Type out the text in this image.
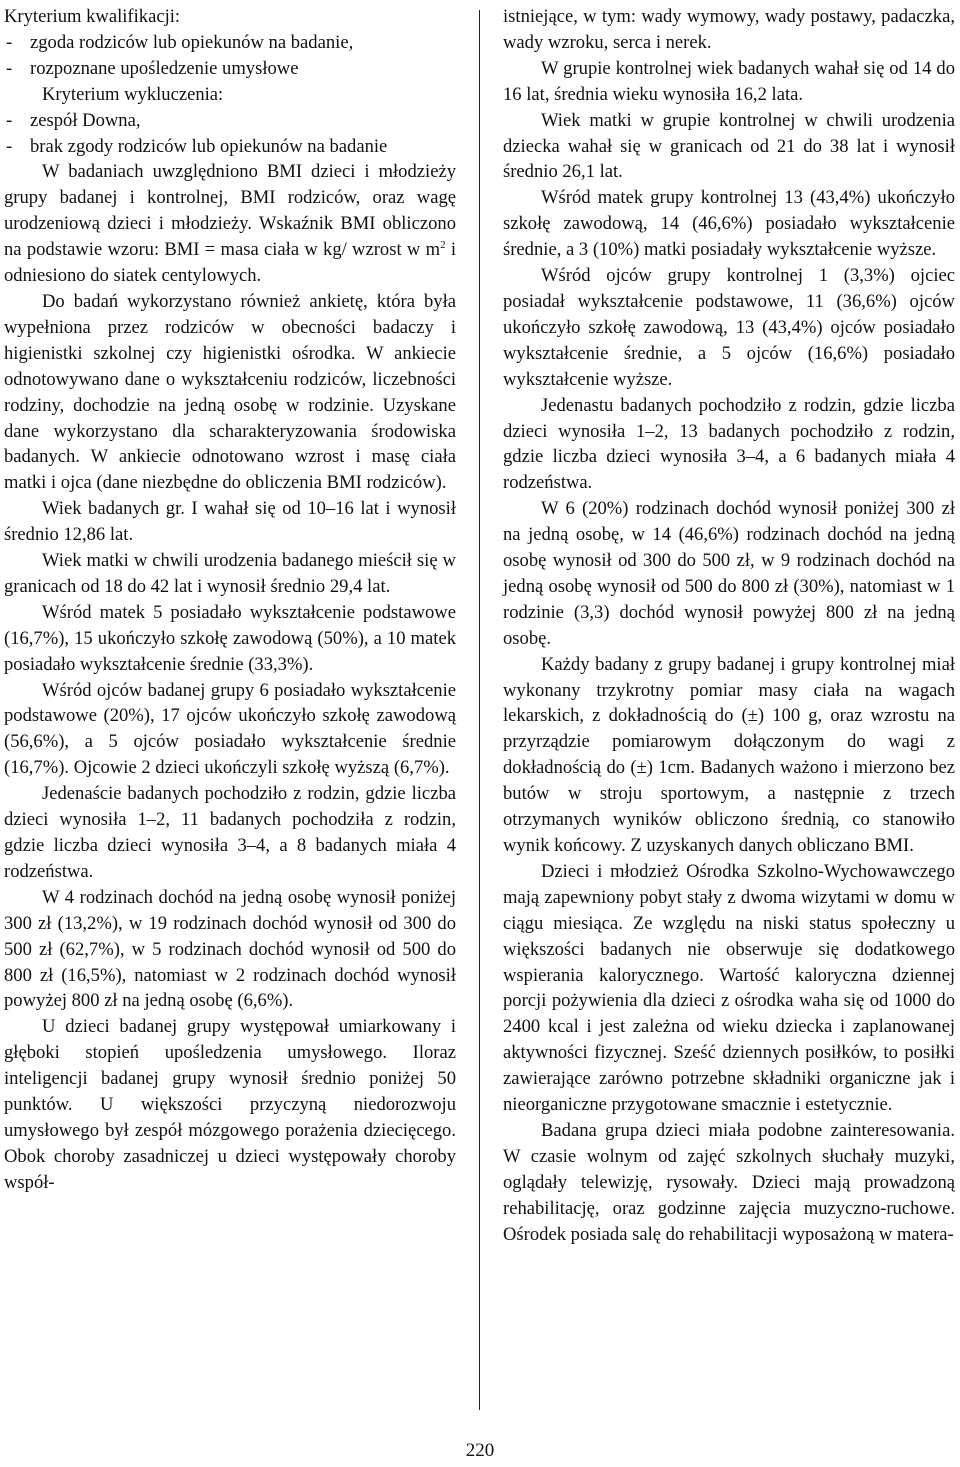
Kryterium kwalifikacji:

- zgoda rodziców lub opiekunów na badanie,
- rozpoznane upośledzenie umysłowe

Kryterium wykluczenia:

- zespół Downa,
- brak zgody rodziców lub opiekunów na badanie

W badaniach uwzględniono BMI dzieci i młodzieży grupy badanej i kontrolnej, BMI rodziców, oraz wagę urodzeniową dzieci i młodzieży. Wskaźnik BMI obliczono na podstawie wzoru: BMI = masa ciała w kg/ wzrost w $m^2$ i odniesiono do siatek centylowych.

Do badań wykorzystano również ankietę, która była wypełniona przez rodziców w obecności badaczy i higienistki szkolnej czy higienistki ośrodka. W ankiecie odnotowywano dane o wykształceniu rodziców, liczebności rodziny, dochodzie na jedną osobę w rodzinie. Uzyskane dane wykorzystano dla scharakteryzowania środowiska badanych. W ankiecie odnotowano wzrost i masę ciała matki i ojca (dane niezbędne do obliczenia BMI rodziców).

Wiek badanych gr. I wahał się od 10–16 lat i wynosił średnio 12,86 lat.

Wiek matki w chwili urodzenia badanego mieścił się w granicach od 18 do 42 lat i wynosił średnio 29,4 lat.

Wśród matek 5 posiadało wykształcenie podstawowe (16,7%), 15 ukończyło szkołę zawodową (50%), a 10 matek posiadało wykształcenie średnie (33,3%).

Wśród ojców badanej grupy 6 posiadało wykształcenie podstawowe (20%), 17 ojców ukończyło szkołę zawodową (56,6%), a 5 ojców posiadało wykształcenie średnie (16,7%). Ojcowie 2 dzieci ukończyli szkołę wyższą (6,7%).

Jedenaście badanych pochodziło z rodzin, gdzie liczba dzieci wynosiła 1–2, 11 badanych pochodziła z rodzin, gdzie liczba dzieci wynosiła 3–4, a 8 badanych miała 4 rodzeństwa.

W 4 rodzinach dochód na jedną osobę wynosił poniżej 300 zł (13,2%), w 19 rodzinach dochód wynosił od 300 do 500 zł (62,7%), w 5 rodzinach dochód wynosił od 500 do 800 zł (16,5%), natomiast w 2 rodzinach dochód wynosił powyżej 800 zł na jedną osobę (6,6%).

U dzieci badanej grupy występował umiarkowany i głęboki stopień upośledzenia umysłowego. Iloraz inteligencji badanej grupy wynosił średnio poniżej 50 punktów. U większości przyczyną niedorozwoju umysłowego był zespół mózgowego porażenia dziecięcego. Obok choroby zasadniczej u dzieci występowały choroby współ-

istniejące, w tym: wady wymowy, wady postawy, padaczka, wady wzroku, serca i nerek.

W grupie kontrolnej wiek badanych wahał się od 14 do 16 lat, średnia wieku wynosiła 16,2 lata.

Wiek matki w grupie kontrolnej w chwili urodzenia dziecka wahał się w granicach od 21 do 38 lat i wynosił średnio 26,1 lat.

Wśród matek grupy kontrolnej 13 (43,4%) ukończyło szkołę zawodową, 14 (46,6%) posiadało wykształcenie średnie, a 3 (10%) matki posiadały wykształcenie wyższe.

Wśród ojców grupy kontrolnej 1 (3,3%) ojciec posiadał wykształcenie podstawowe, 11 (36,6%) ojców ukończyło szkołę zawodową, 13 (43,4%) ojców posiadało wykształcenie średnie, a 5 ojców (16,6%) posiadało wykształcenie wyższe.

Jedenastu badanych pochodziło z rodzin, gdzie liczba dzieci wynosiła 1–2, 13 badanych pochodziło z rodzin, gdzie liczba dzieci wynosiła 3–4, a 6 badanych miała 4 rodzeństwa.

W 6 (20%) rodzinach dochód wynosił poniżej 300 zł na jedną osobę, w 14 (46,6%) rodzinach dochód na jedną osobę wynosił od 300 do 500 zł, w 9 rodzinach dochód na jedną osobę wynosił od 500 do 800 zł (30%), natomiast w 1 rodzinie (3,3) dochód wynosił powyżej 800 zł na jedną osobę.

Każdy badany z grupy badanej i grupy kontrolnej miał wykonany trzykrotny pomiar masy ciała na wagach lekarskich, z dokładnością do (±) 100 g, oraz wzrostu na przyrządzie pomiarowym dołączonym do wagi z dokładnością do (±) 1cm. Badanych ważono i mierzono bez butów w stroju sportowym, a następnie z trzech otrzymanych wyników obliczono średnią, co stanowiło wynik końcowy. Z uzyskanych danych obliczano BMI.

Dzieci i młodzież Ośrodka Szkolno-Wychowawczego mają zapewniony pobyt stały z dwoma wizytami w domu w ciągu miesiąca. Ze względu na niski status społeczny u większości badanych nie obserwuje się dodatkowego wspierania kalorycznego. Wartość kaloryczna dziennej porcji pożywienia dla dzieci z ośrodka waha się od 1000 do 2400 kcal i jest zależna od wieku dziecka i zaplanowanej aktywności fizycznej. Sześć dziennych posiłków, to posiłki zawierające zarówno potrzebne składniki organiczne jak i nieorganiczne przygotowane smacznie i estetycznie.

Badana grupa dzieci miała podobne zainteresowania. W czasie wolnym od zajęć szkolnych słuchały muzyki, oglądały telewizję, rysowały. Dzieci mają prowadzoną rehabilitację, oraz godzinne zajęcia muzyczno-ruchowe. Ośrodek posiada salę do rehabilitacji wyposażoną w matera-

220
